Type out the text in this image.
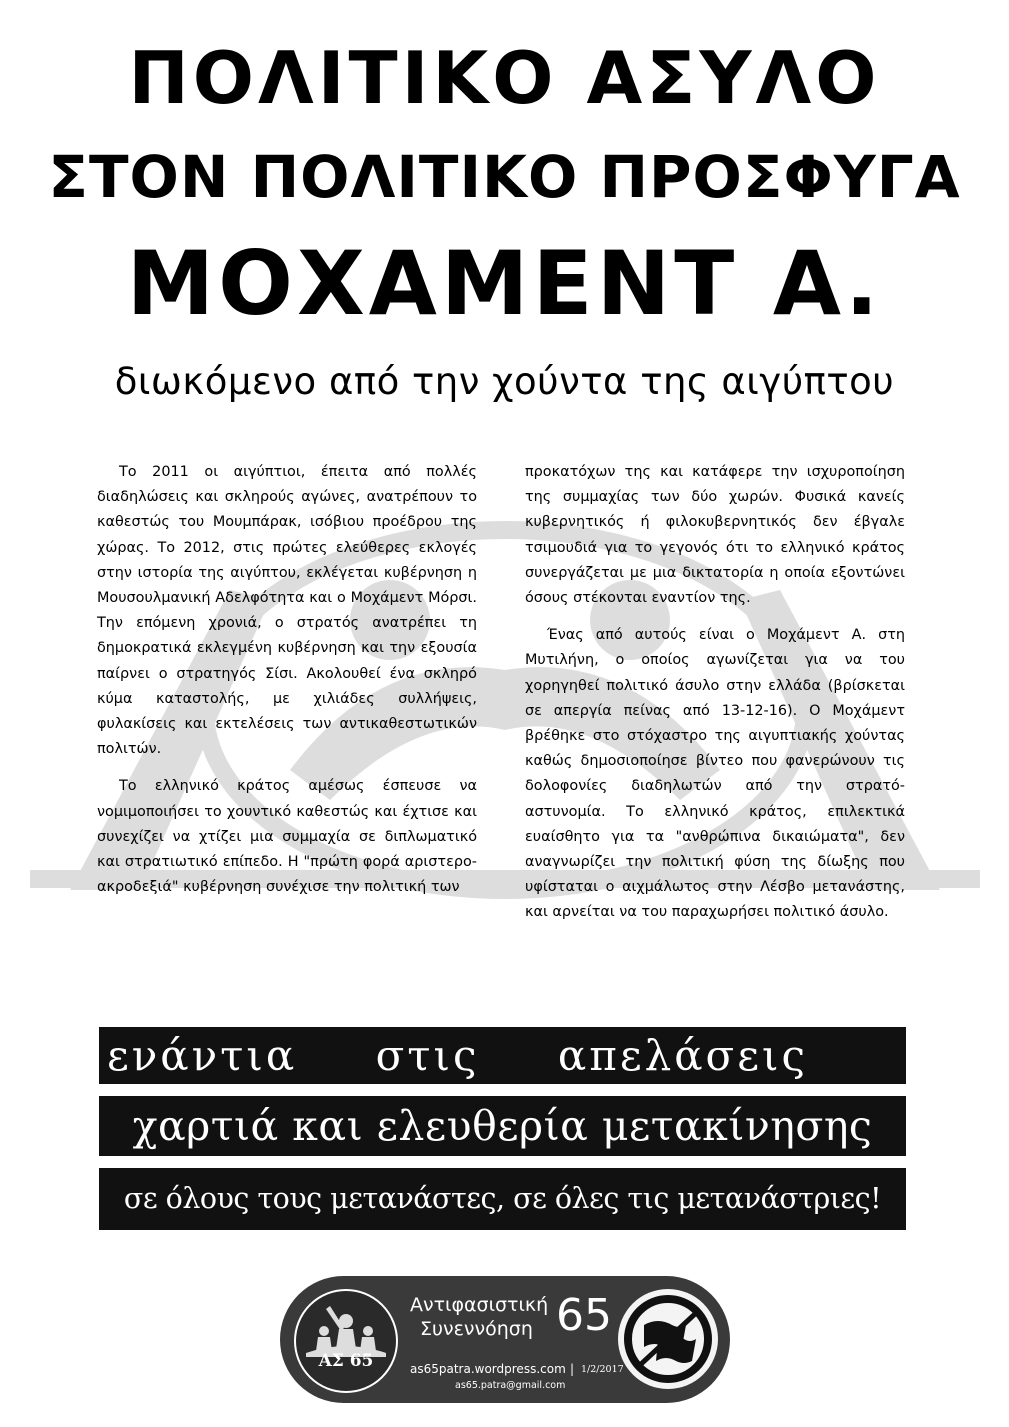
ΠΟΛΙΤΙΚΟ ΑΣΥΛΟ
ΣΤΟΝ ΠΟΛΙΤΙΚΟ ΠΡΟΣΦΥΓΑ
ΜΟΧΑΜΕΝΤ Α.
διωκόμενο από την χούντα της αιγύπτου

Το 2011 οι αιγύπτιοι, έπειτα από πολλές διαδηλώσεις και σκληρούς αγώνες, ανατρέπουν το καθεστώς του Μουμπάρακ, ισόβιου προέδρου της χώρας. Το 2012, στις πρώτες ελεύθερες εκλογές στην ιστορία της αιγύπτου, εκλέγεται κυβέρνηση η Μουσουλμανική Αδελφότητα και ο Μοχάμεντ Μόρσι. Την επόμενη χρονιά, ο στρατός ανατρέπει τη δημοκρατικά εκλεγμένη κυβέρνηση και την εξουσία παίρνει ο στρατηγός Σίσι. Ακολουθεί ένα σκληρό κύμα καταστολής, με χιλιάδες συλλήψεις, φυλακίσεις και εκτελέσεις των αντικαθεστωτικών πολιτών.

Το ελληνικό κράτος αμέσως έσπευσε να νομιμοποιήσει το χουντικό καθεστώς και έχτισε και συνεχίζει να χτίζει μια συμμαχία σε διπλωματικό και στρατιωτικό επίπεδο. Η "πρώτη φορά αριστερο-ακροδεξιά" κυβέρνηση συνέχισε την πολιτική των

προκατόχων της και κατάφερε την ισχυροποίηση της συμμαχίας των δύο χωρών. Φυσικά κανείς κυβερνητικός ή φιλοκυβερνητικός δεν έβγαλε τσιμουδιά για το γεγονός ότι το ελληνικό κράτος συνεργάζεται με μια δικτατορία η οποία εξοντώνει όσους στέκονται εναντίον της.

Ένας από αυτούς είναι ο Μοχάμεντ Α. στη Μυτιλήνη, ο οποίος αγωνίζεται για να του χορηγηθεί πολιτικό άσυλο στην ελλάδα (βρίσκεται σε απεργία πείνας από 13-12-16). Ο Μοχάμεντ βρέθηκε στο στόχαστρο της αιγυπτιακής χούντας καθώς δημοσιοποίησε βίντεο που φανερώνουν τις δολοφονίες διαδηλωτών από την στρατό-αστυνομία. Το ελληνικό κράτος, επιλεκτικά ευαίσθητο για τα "ανθρώπινα δικαιώματα", δεν αναγνωρίζει την πολιτική φύση της δίωξης που υφίσταται ο αιχμάλωτος στην Λέσβο μετανάστης, και αρνείται να του παραχωρήσει πολιτικό άσυλο.

ενάντια στις απελάσεις
χαρτιά και ελευθερία μετακίνησης
σε όλους τους μετανάστες, σε όλες τις μετανάστριες!
ΑΣ 65
Αντιφασιστική
Συνεννόηση 65
as65patra.wordpress.com | 1/2/2017
as65.patra@gmail.com
